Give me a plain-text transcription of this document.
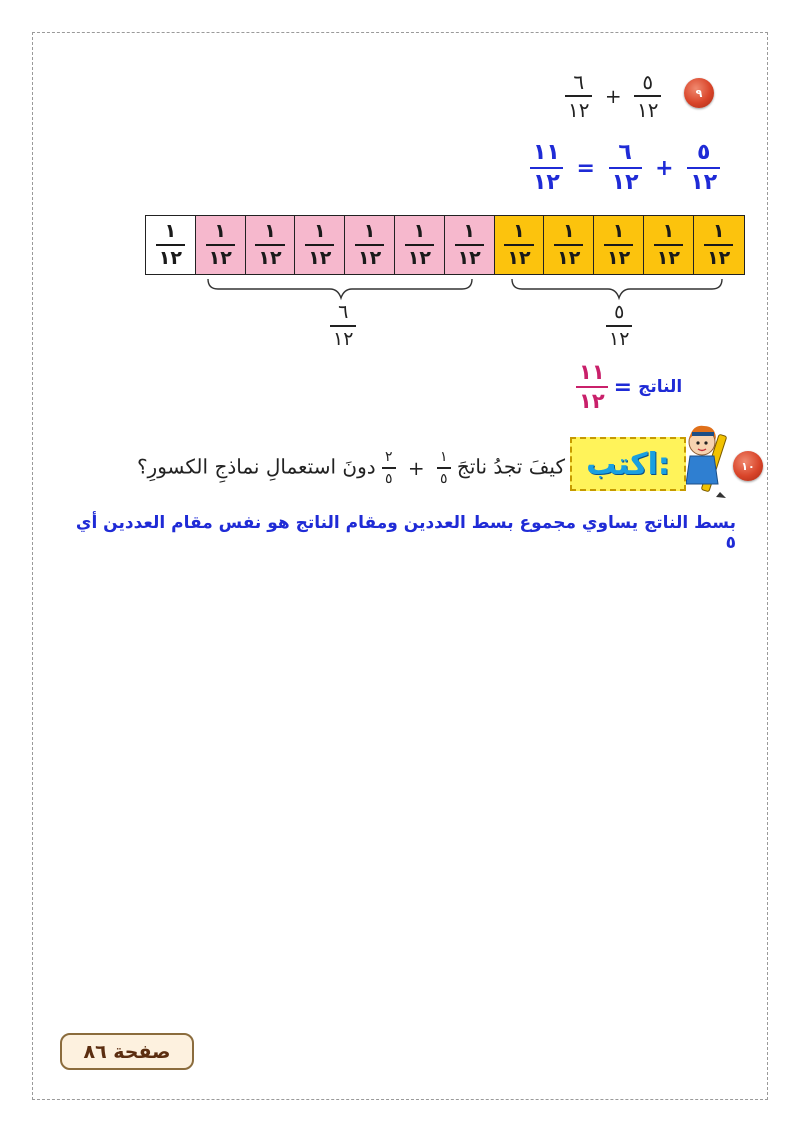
٩
$\frac{٦}{١٢} + \frac{٥}{١٢}$
$\frac{١١}{١٢} = \frac{٦}{١٢} + \frac{٥}{١٢}$
$\frac{١}{١٢} \frac{١}{١٢} \frac{١}{١٢} \frac{١}{١٢} \frac{١}{١٢} \frac{١}{١٢} \frac{١}{١٢} \frac{١}{١٢} \frac{١}{١٢} \frac{١}{١٢} \frac{١}{١٢} \frac{١}{١٢}$
$\frac{٦}{١٢}$	$\frac{٥}{١٢}$
$\frac{١١}{١٢}$ = الناتج
١٠
اكتب:
كيفَ تجدُ ناتجَ
$\frac{٢}{٥} + \frac{١}{٥}$
دونَ استعمالِ نماذجِ الكسورِ؟
بسط الناتج يساوي مجموع بسط العددين ومقام الناتج هو نفس مقام العددين أي ٥
صفحة ٨٦
